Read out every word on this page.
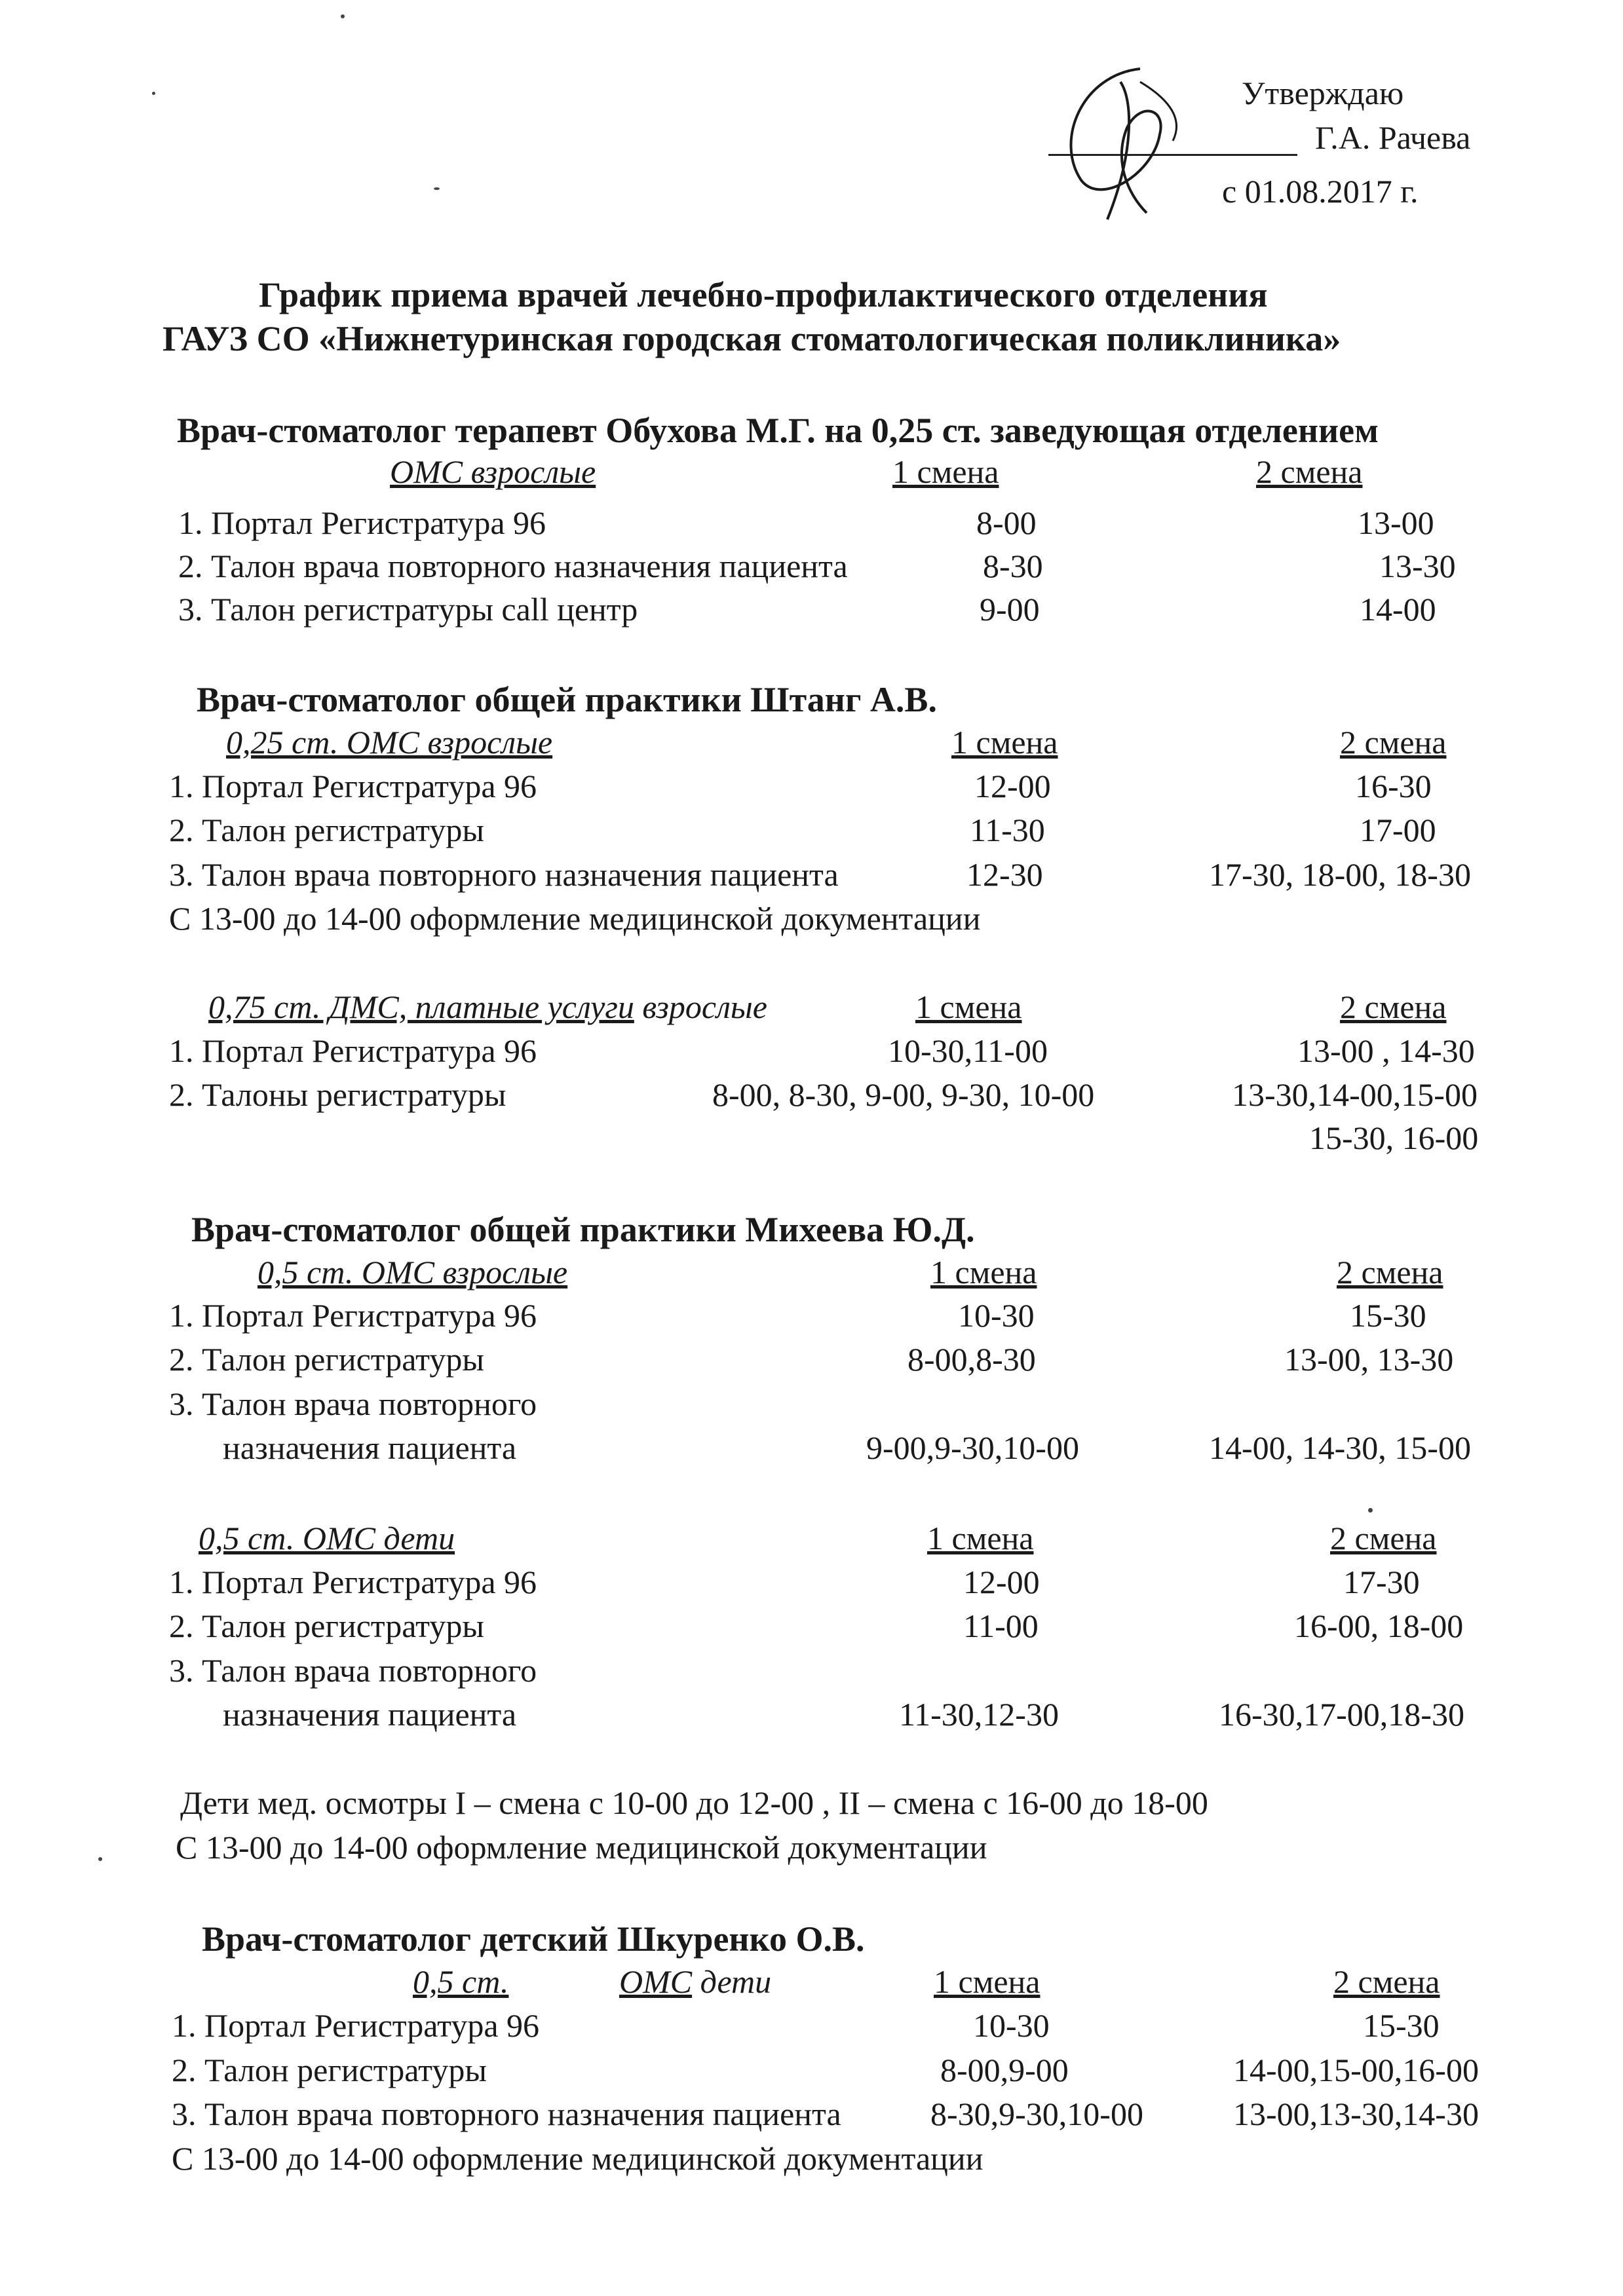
Утверждаю
Г.А. Рачева
с 01.08.2017 г.
График приема врачей лечебно-профилактического отделения
ГАУЗ СО «Нижнетуринская городская стоматологическая поликлиника»
Врач-стоматолог терапевт Обухова М.Г. на 0,25 ст. заведующая отделением
ОМС взрослые	1 смена	2 смена
1. Портал Регистратура 96	8-00	13-00
2. Талон врача повторного назначения пациента	8-30	13-30
3. Талон регистратуры call центр	9-00	14-00
Врач-стоматолог общей практики Штанг А.В.
0,25 ст. ОМС взрослые	1 смена	2 смена
1. Портал Регистратура 96	12-00	16-30
2. Талон регистратуры	11-30	17-00
3. Талон врача повторного назначения пациента	12-30	17-30, 18-00, 18-30
С 13-00 до 14-00 оформление медицинской документации
0,75 ст. ДМС, платные услуги взрослые	1 смена	2 смена
1. Портал Регистратура 96	10-30,11-00	13-00 , 14-30
2. Талоны регистратуры	8-00, 8-30, 9-00, 9-30, 10-00	13-30,14-00,15-00
15-30, 16-00
Врач-стоматолог общей практики Михеева Ю.Д.
0,5 ст. ОМС взрослые	1 смена	2 смена
1. Портал Регистратура 96	10-30	15-30
2. Талон регистратуры	8-00,8-30	13-00, 13-30
3. Талон врача повторного
назначения пациента	9-00,9-30,10-00	14-00, 14-30, 15-00
0,5 ст. ОМС дети	1 смена	2 смена
1. Портал Регистратура 96	12-00	17-30
2. Талон регистратуры	11-00	16-00, 18-00
3. Талон врача повторного
назначения пациента	11-30,12-30	16-30,17-00,18-30
Дети мед. осмотры I – смена с 10-00 до 12-00 , II – смена с 16-00 до 18-00
С 13-00 до 14-00 оформление медицинской документации
Врач-стоматолог детский Шкуренко О.В.
0,5 ст.	ОМС дети	1 смена	2 смена
1. Портал Регистратура 96	10-30	15-30
2. Талон регистратуры	8-00,9-00	14-00,15-00,16-00
3. Талон врача повторного назначения пациента	8-30,9-30,10-00	13-00,13-30,14-30
С 13-00 до 14-00 оформление медицинской документации
